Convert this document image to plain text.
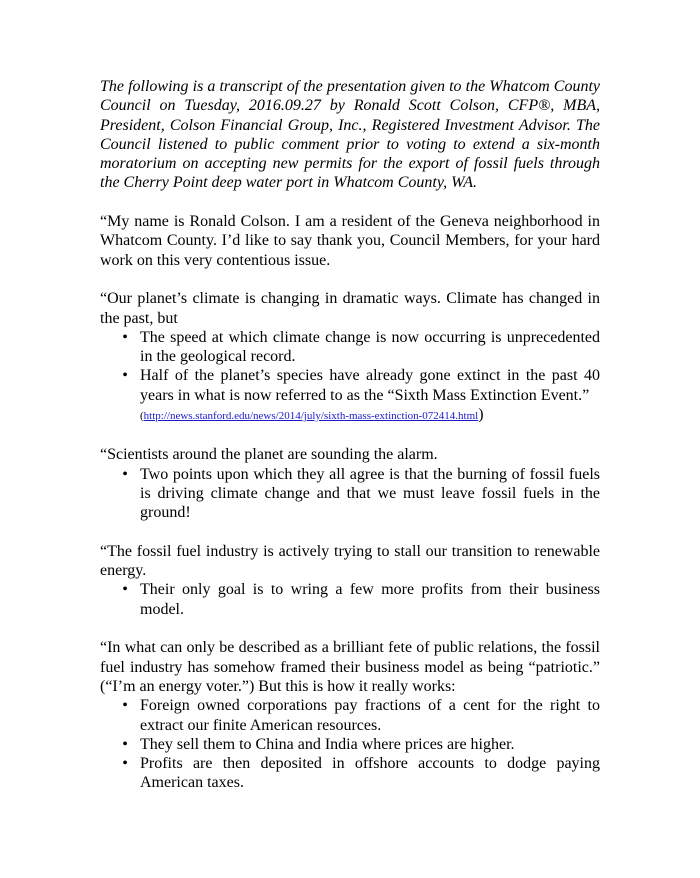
The following is a transcript of the presentation given to the Whatcom County Council on Tuesday, 2016.09.27 by Ronald Scott Colson, CFP®, MBA, President, Colson Financial Group, Inc., Registered Investment Advisor. The Council listened to public comment prior to voting to extend a six-month moratorium on accepting new permits for the export of fossil fuels through the Cherry Point deep water port in Whatcom County, WA.

“My name is Ronald Colson. I am a resident of the Geneva neighborhood in Whatcom County. I’d like to say thank you, Council Members, for your hard work on this very contentious issue.

“Our planet’s climate is changing in dramatic ways. Climate has changed in the past, but

• The speed at which climate change is now occurring is unprecedented in the geological record.
• Half of the planet’s species have already gone extinct in the past 40 years in what is now referred to as the “Sixth Mass Extinction Event.”
(http://news.stanford.edu/news/2014/july/sixth-mass-extinction-072414.html)

“Scientists around the planet are sounding the alarm.

• Two points upon which they all agree is that the burning of fossil fuels is driving climate change and that we must leave fossil fuels in the ground!

“The fossil fuel industry is actively trying to stall our transition to renewable energy.

• Their only goal is to wring a few more profits from their business model.

“In what can only be described as a brilliant fete of public relations, the fossil fuel industry has somehow framed their business model as being “patriotic.” (“I’m an energy voter.”) But this is how it really works:

• Foreign owned corporations pay fractions of a cent for the right to extract our finite American resources.
• They sell them to China and India where prices are higher.
• Profits are then deposited in offshore accounts to dodge paying American taxes.
